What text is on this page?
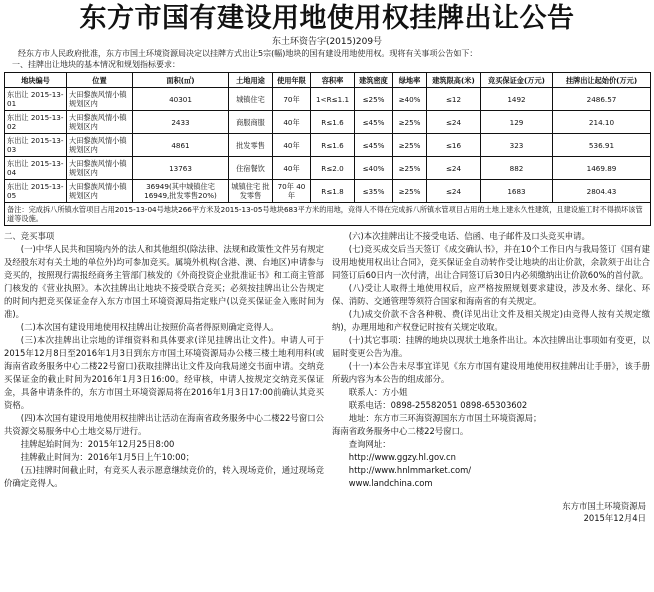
东方市国有建设用地使用权挂牌出让公告
东土环资告字(2015)209号
经东方市人民政府批准，东方市国土环境资源局决定以挂牌方式出让5宗(幅)地块的国有建设用地使用权。现将有关事项公告如下：
一、挂牌出让地块的基本情况和规划指标要求：
地块编号	位置	面积(㎡)	土地用途	使用年限	容积率	建筑密度	绿地率	建筑限高(米)	竞买保证金(万元)	挂牌出让起始价(万元)
东出让 2015-13-01	大田黎族风情小镇规划区内	40301	城镇住宅	70年	1<R≤1.1	≤25%	≥40%	≤12	1492	2486.57
东出让 2015-13-02	大田黎族风情小镇规划区内	2433	商服商服	40年	R≤1.6	≤45%	≥25%	≤24	129	214.10
东出让 2015-13-03	大田黎族风情小镇规划区内	4861	批发零售	40年	R≤1.6	≤45%	≥25%	≤16	323	536.91
东出让 2015-13-04	大田黎族风情小镇规划区内	13763	住宿餐饮	40年	R≤2.0	≤40%	≥25%	≤24	882	1469.89
东出让 2015-13-05	大田黎族风情小镇规划区内	36949(其中城镇住宅16949,批发零售20%)	城镇住宅 批发零售	70年 40年	R≤1.8	≤35%	≥25%	≤24	1683	2804.43
备注：完成拆八所镇水管项目占用2015-13-04号地块266平方米及2015-13-05号地块683平方米的用地，竞得人不得在完成拆八所镇水管项目占用的土地上建永久性建筑，且建设施工时不得损坏该管道等设施。										
二、竞买事项

(一)中华人民共和国境内外的法人和其他组织(除法律、法规和政策性文件另有规定及经股东对有关土地的单位外)均可参加竞买。属境外机构(含港、澳、台地区)申请参与竞买的，按照现行需报经商务主管部门核发的《外商投资企业批准证书》和工商主管部门核发的《营业执照》。本次挂牌出让地块不接受联合竞买；必须按挂牌出让公告规定的时间内把竞买保证金存入东方市国土环境资源局指定账户(以竞买保证金入账时间为准)。

(二)本次国有建设用地使用权挂牌出让按照价高者得原则确定竞得人。

(三)本次挂牌出让宗地的详细资料和具体要求(详见挂牌出让文件)。申请人可于2015年12月8日至2016年1月3日到东方市国土环境资源局办公楼三楼土地利用科(或海南省政务服务中心二楼22号窗口)获取挂牌出让文件及向我局递交书面申请。交纳竞买保证金的截止时间为2016年1月3日16:00。经审核，申请人按规定交纳竞买保证金，具备申请条件的，东方市国土环境资源局将在2016年1月3日17:00前确认其竞买资格。

(四)本次国有建设用地使用权挂牌出让活动在海南省政务服务中心二楼22号窗口公共资源交易服务中心土地交易厅进行。

挂牌起始时间为：2015年12月25日8:00
挂牌截止时间为：2016年1月5日上午10:00；

(五)挂牌时间截止时，有竞买人表示愿意继续竞价的，转入现场竞价，通过现场竞价确定竞得人。

(六)本次挂牌出让不接受电话、信函、电子邮件及口头竞买申请。

(七)竞买成交后当天签订《成交确认书》，并在10个工作日内与我局签订《国有建设用地使用权出让合同》，竞买保证金自动转作受让地块的出让价款，余款须于出让合同签订后60日内一次付清，出让合同签订后30日内必须缴纳出让价款60%的首付款。

(八)受让人取得土地使用权后，应严格按照规划要求建设，涉及水务、绿化、环保、消防、交通管理等须符合国家和海南省的有关规定。

(九)成交价款不含各种税、费(详见出让文件及相关规定)由竞得人按有关规定缴纳)，办理用地和产权登记时按有关规定收取。

(十)其它事项：挂牌的地块以现状土地条件出让。本次挂牌出让事项如有变更，以届时变更公告为准。

(十一)本公告未尽事宜详见《东方市国有建设用地使用权挂牌出让手册》，该手册所载内容为本公告的组成部分。

联系人：方小姐
联系电话：0898-25582051 0898-65303602
地址：东方市三环海资源国东方市国土环境资源局；
海南省政务服务中心二楼22号窗口。
查询网址：
http://www.ggzy.hl.gov.cn
http://www.hnlmmarket.com/
www.landchina.com
东方市国土环境资源局
2015年12月4日
